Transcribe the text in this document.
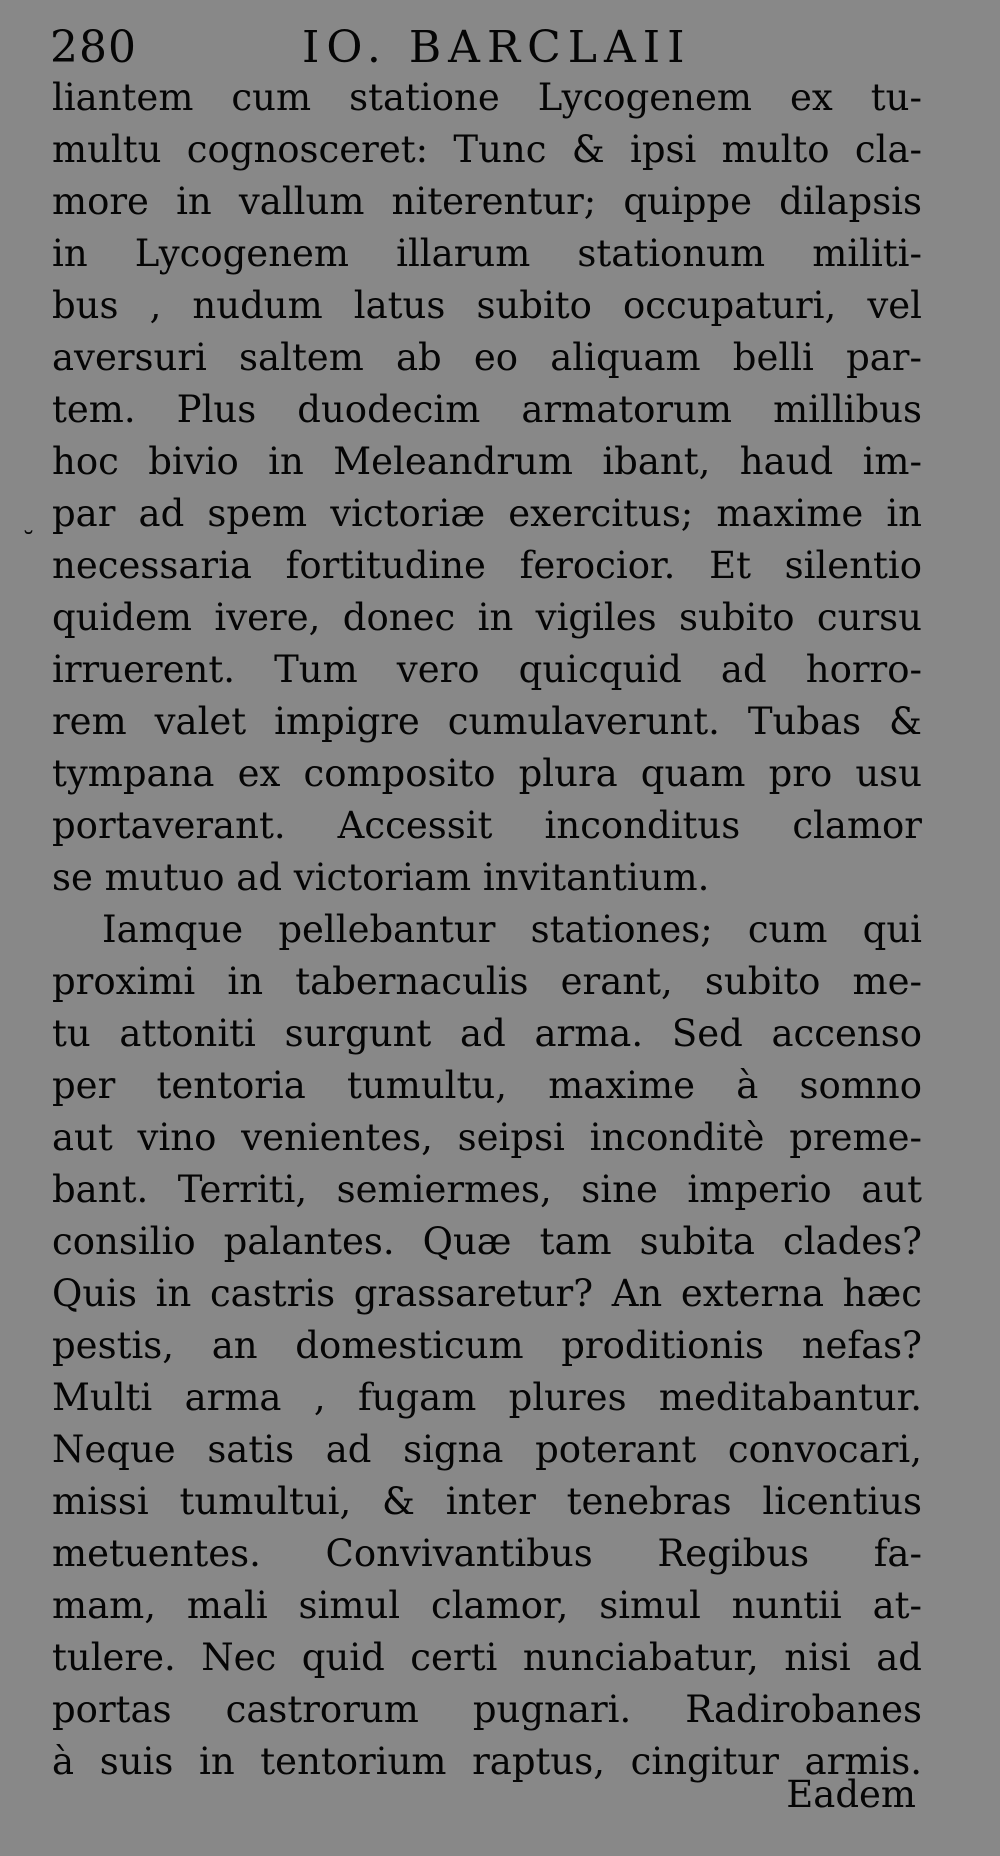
280	IO. BARCLAII
˘
liantem cum statione Lycogenem ex tu-
multu cognosceret: Tunc & ipsi multo cla-
more in vallum niterentur; quippe dilapsis
in Lycogenem illarum stationum militi-
bus , nudum latus subito occupaturi, vel
aversuri saltem ab eo aliquam belli par-
tem. Plus duodecim armatorum millibus
hoc bivio in Meleandrum ibant, haud im-
par ad spem victoriæ exercitus; maxime in
necessaria fortitudine ferocior. Et silentio
quidem ivere, donec in vigiles subito cursu
irruerent. Tum vero quicquid ad horro-
rem valet impigre cumulaverunt. Tubas &
tympana ex composito plura quam pro usu
portaverant. Accessit inconditus clamor
se mutuo ad victoriam invitantium.
Iamque pellebantur stationes; cum qui
proximi in tabernaculis erant, subito me-
tu attoniti surgunt ad arma. Sed accenso
per tentoria tumultu, maxime à somno
aut vino venientes, seipsi inconditè preme-
bant. Territi, semiermes, sine imperio aut
consilio palantes. Quæ tam subita clades?
Quis in castris grassaretur? An externa hæc
pestis, an domesticum proditionis nefas?
Multi arma , fugam plures meditabantur.
Neque satis ad signa poterant convocari,
missi tumultui, & inter tenebras licentius
metuentes. Convivantibus Regibus fa-
mam, mali simul clamor, simul nuntii at-
tulere. Nec quid certi nunciabatur, nisi ad
portas castrorum pugnari. Radirobanes
à suis in tentorium raptus, cingitur armis.
Eadem
